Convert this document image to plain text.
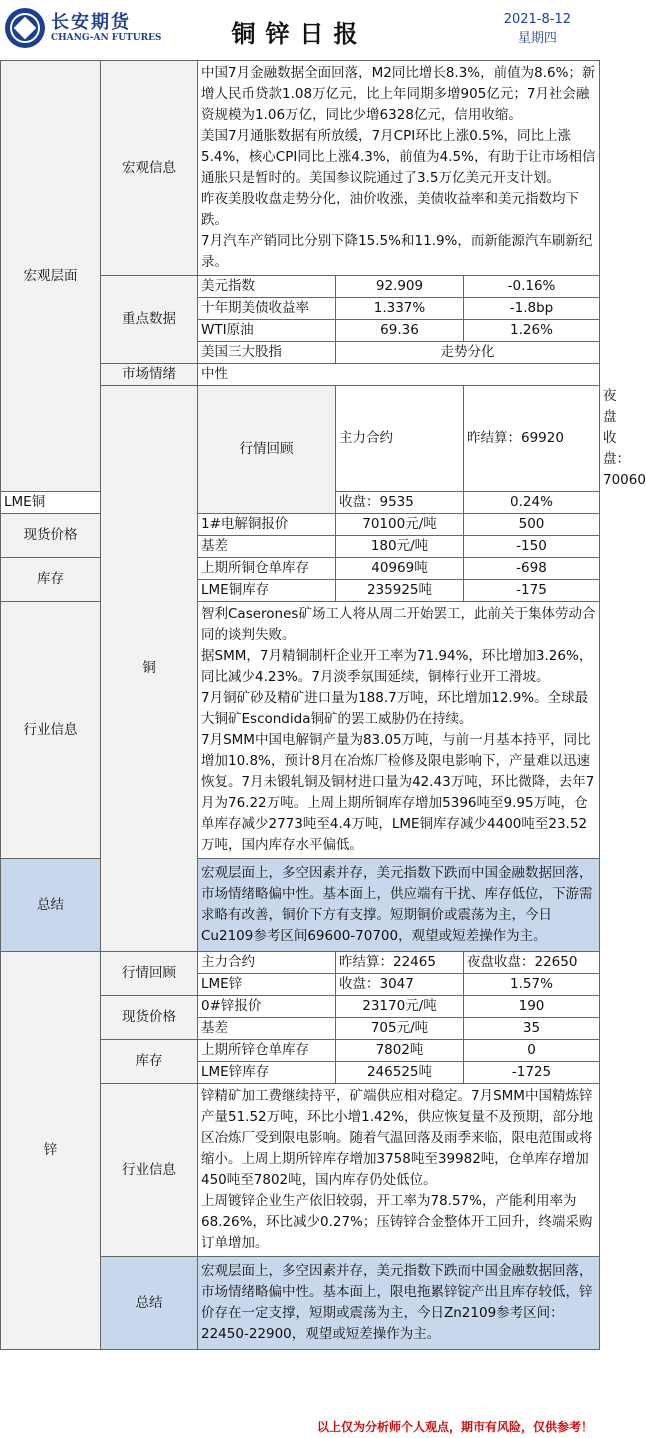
长安期货
CHANG-AN FUTURES	铜锌日报
2021-8-12
星期四
宏观层面	宏观信息	中国7月金融数据全面回落，M2同比增长8.3%，前值为8.6%；新增人民币贷款1.08万亿元，比上年同期多增905亿元；7月社会融资规模为1.06万亿，同比少增6328亿元，信用收缩。

美国7月通胀数据有所放缓，7月CPI环比上涨0.5%，同比上涨5.4%，核心CPI同比上涨4.3%，前值为4.5%，有助于让市场相信通胀只是暂时的。美国参议院通过了3.5万亿美元开支计划。

昨夜美股收盘走势分化，油价收涨，美债收益率和美元指数均下跌。

7月汽车产销同比分别下降15.5%和11.9%，而新能源汽车刷新纪录。			

	重点数据	美元指数	92.909	-0.16%	
		十年期美债收益率	1.337%	-1.8bp	
		WTI原油	69.36	1.26%	
		美国三大股指	走势分化		
	市场情绪	中性			
	铜	行情回顾	主力合约	昨结算：69920	夜盘收盘：70060
LME铜			收盘：9535	0.24%	
现货价格		1#电解铜报价	70100元/吨	500	
		基差	180元/吨	-150	
库存		上期所铜仓单库存	40969吨	-698	
		LME铜库存	235925吨	-175	
行业信息		智利Caserones矿场工人将从周二开始罢工，此前关于集体劳动合同的谈判失败。

据SMM，7月精铜制杆企业开工率为71.94%，环比增加3.26%，同比减少4.23%。7月淡季氛围延续，铜棒行业开工滑坡。

7月铜矿砂及精矿进口量为188.7万吨，环比增加12.9%。全球最大铜矿Escondida铜矿的罢工威胁仍在持续。

7月SMM中国电解铜产量为83.05万吨，与前一月基本持平，同比增加10.8%，预计8月在冶炼厂检修及限电影响下，产量难以迅速恢复。7月未锻轧铜及铜材进口量为42.43万吨，环比微降，去年7月为76.22万吨。上周上期所铜库存增加5396吨至9.95万吨，仓单库存减少2773吨至4.4万吨，LME铜库存减少4400吨至23.52万吨，国内库存水平偏低。			

总结		宏观层面上，多空因素并存，美元指数下跌而中国金融数据回落，市场情绪略偏中性。基本面上，供应端有干扰、库存低位，下游需求略有改善，铜价下方有支撑。短期铜价或震荡为主，今日Cu2109参考区间69600-70700，观望或短差操作为主。			
锌	行情回顾	主力合约	昨结算：22465	夜盘收盘：22650	
		LME锌	收盘：3047	1.57%	
	现货价格	0#锌报价	23170元/吨	190	
		基差	705元/吨	35	
	库存	上期所锌仓单库存	7802吨	0	
		LME锌库存	246525吨	-1725	
	行业信息	锌精矿加工费继续持平，矿端供应相对稳定。7月SMM中国精炼锌产量51.52万吨，环比小增1.42%，供应恢复量不及预期，部分地区冶炼厂受到限电影响。随着气温回落及雨季来临，限电范围或将缩小。上周上期所锌库存增加3758吨至39982吨，仓单库存增加450吨至7802吨，国内库存仍处低位。

上周镀锌企业生产依旧较弱，开工率为78.57%，产能利用率为68.26%，环比减少0.27%；压铸锌合金整体开工回升，终端采购订单增加。			

	总结	宏观层面上，多空因素并存，美元指数下跌而中国金融数据回落，市场情绪略偏中性。基本面上，限电拖累锌锭产出且库存较低，锌价存在一定支撑，短期或震荡为主，今日Zn2109参考区间：22450-22900，观望或短差操作为主。			
以上仅为分析师个人观点，期市有风险，仅供参考！
